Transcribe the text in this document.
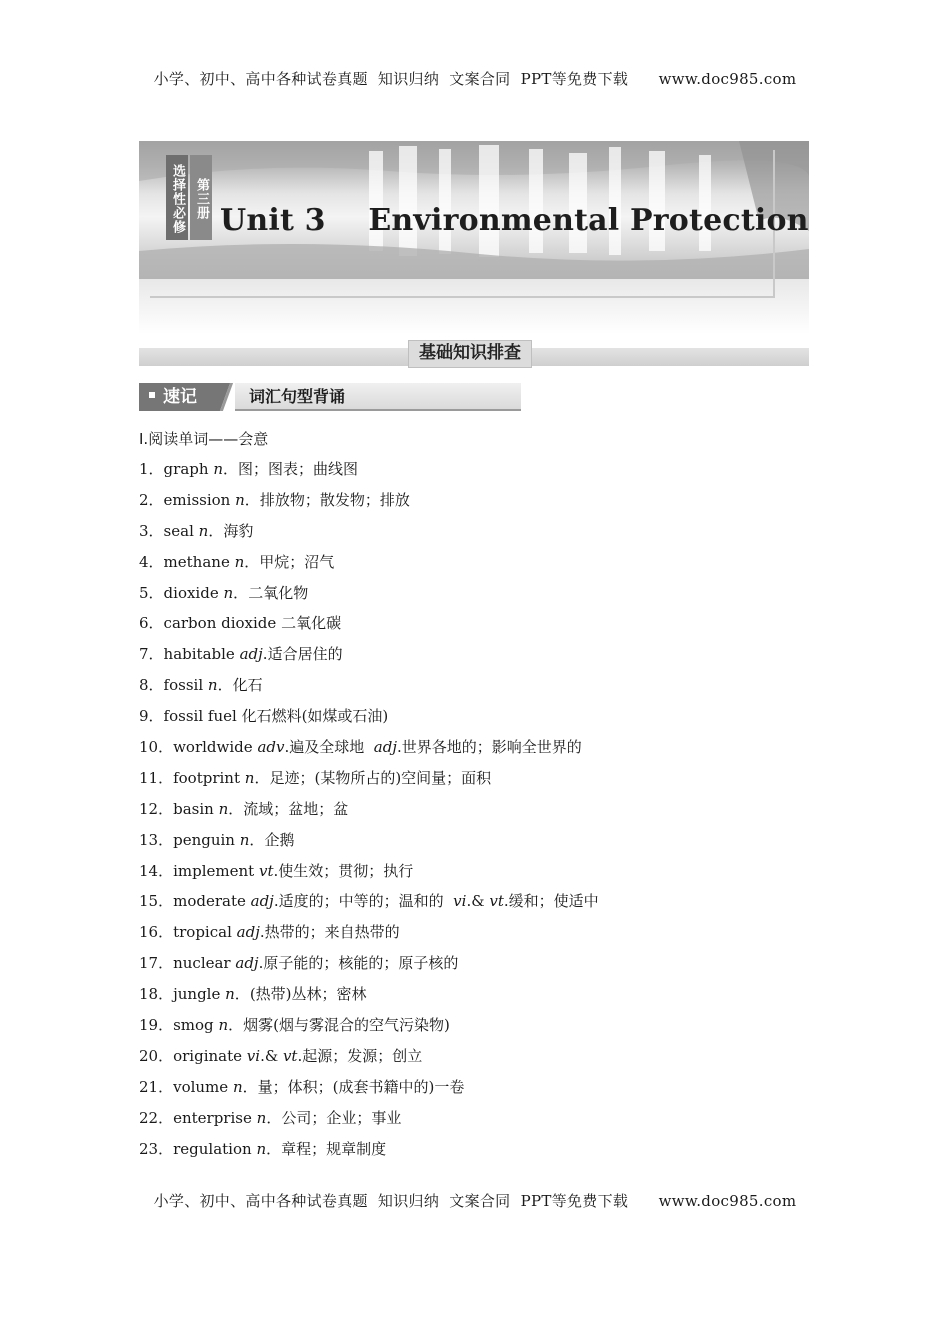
小学、初中、高中各种试卷真题  知识归纳  文案合同  PPT等免费下载      www.doc985.com
选择性必修 第三册
Unit 3    Environmental Protection
基础知识排查
速记	词汇句型背诵
Ⅰ.阅读单词——会意
1．graph n．图；图表；曲线图
2．emission n．排放物；散发物；排放
3．seal n．海豹
4．methane n．甲烷；沼气
5．dioxide n．二氧化物
6．carbon dioxide 二氧化碳
7．habitable adj.适合居住的
8．fossil n．化石
9．fossil fuel 化石燃料(如煤或石油)
10．worldwide adv.遍及全球地  adj.世界各地的；影响全世界的
11．footprint n．足迹；(某物所占的)空间量；面积
12．basin n．流域；盆地；盆
13．penguin n．企鹅
14．implement vt.使生效；贯彻；执行
15．moderate adj.适度的；中等的；温和的  vi.& vt.缓和；使适中
16．tropical adj.热带的；来自热带的
17．nuclear adj.原子能的；核能的；原子核的
18．jungle n．(热带)丛林；密林
19．smog n．烟雾(烟与雾混合的空气污染物)
20．originate vi.& vt.起源；发源；创立
21．volume n．量；体积；(成套书籍中的)一卷
22．enterprise n．公司；企业；事业
23．regulation n．章程；规章制度
小学、初中、高中各种试卷真题  知识归纳  文案合同  PPT等免费下载      www.doc985.com
